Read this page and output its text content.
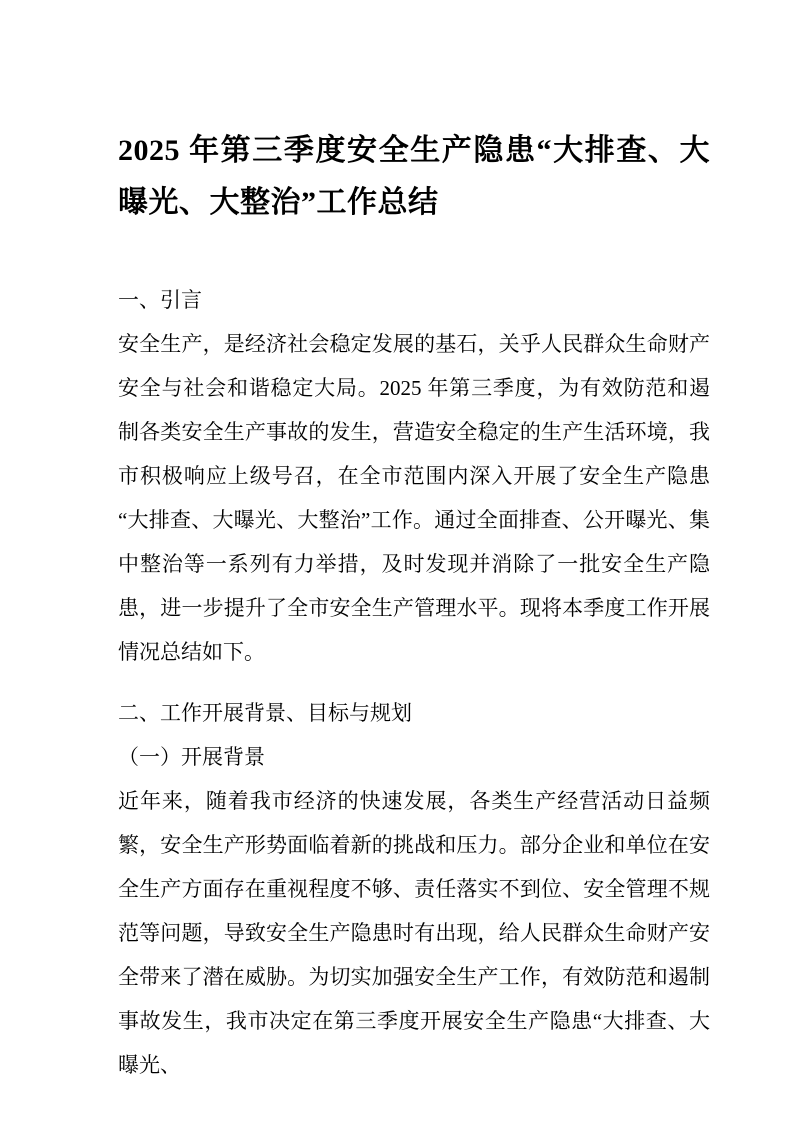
2025 年第三季度安全生产隐患“大排查、大曝光、大整治”工作总结

一、引言

安全生产，是经济社会稳定发展的基石，关乎人民群众生命财产安全与社会和谐稳定大局。2025 年第三季度，为有效防范和遏制各类安全生产事故的发生，营造安全稳定的生产生活环境，我市积极响应上级号召，在全市范围内深入开展了安全生产隐患“大排查、大曝光、大整治”工作。通过全面排查、公开曝光、集中整治等一系列有力举措，及时发现并消除了一批安全生产隐患，进一步提升了全市安全生产管理水平。现将本季度工作开展情况总结如下。

二、工作开展背景、目标与规划

（一）开展背景

近年来，随着我市经济的快速发展，各类生产经营活动日益频繁，安全生产形势面临着新的挑战和压力。部分企业和单位在安全生产方面存在重视程度不够、责任落实不到位、安全管理不规范等问题，导致安全生产隐患时有出现，给人民群众生命财产安全带来了潜在威胁。为切实加强安全生产工作，有效防范和遏制事故发生，我市决定在第三季度开展安全生产隐患“大排查、大曝光、
